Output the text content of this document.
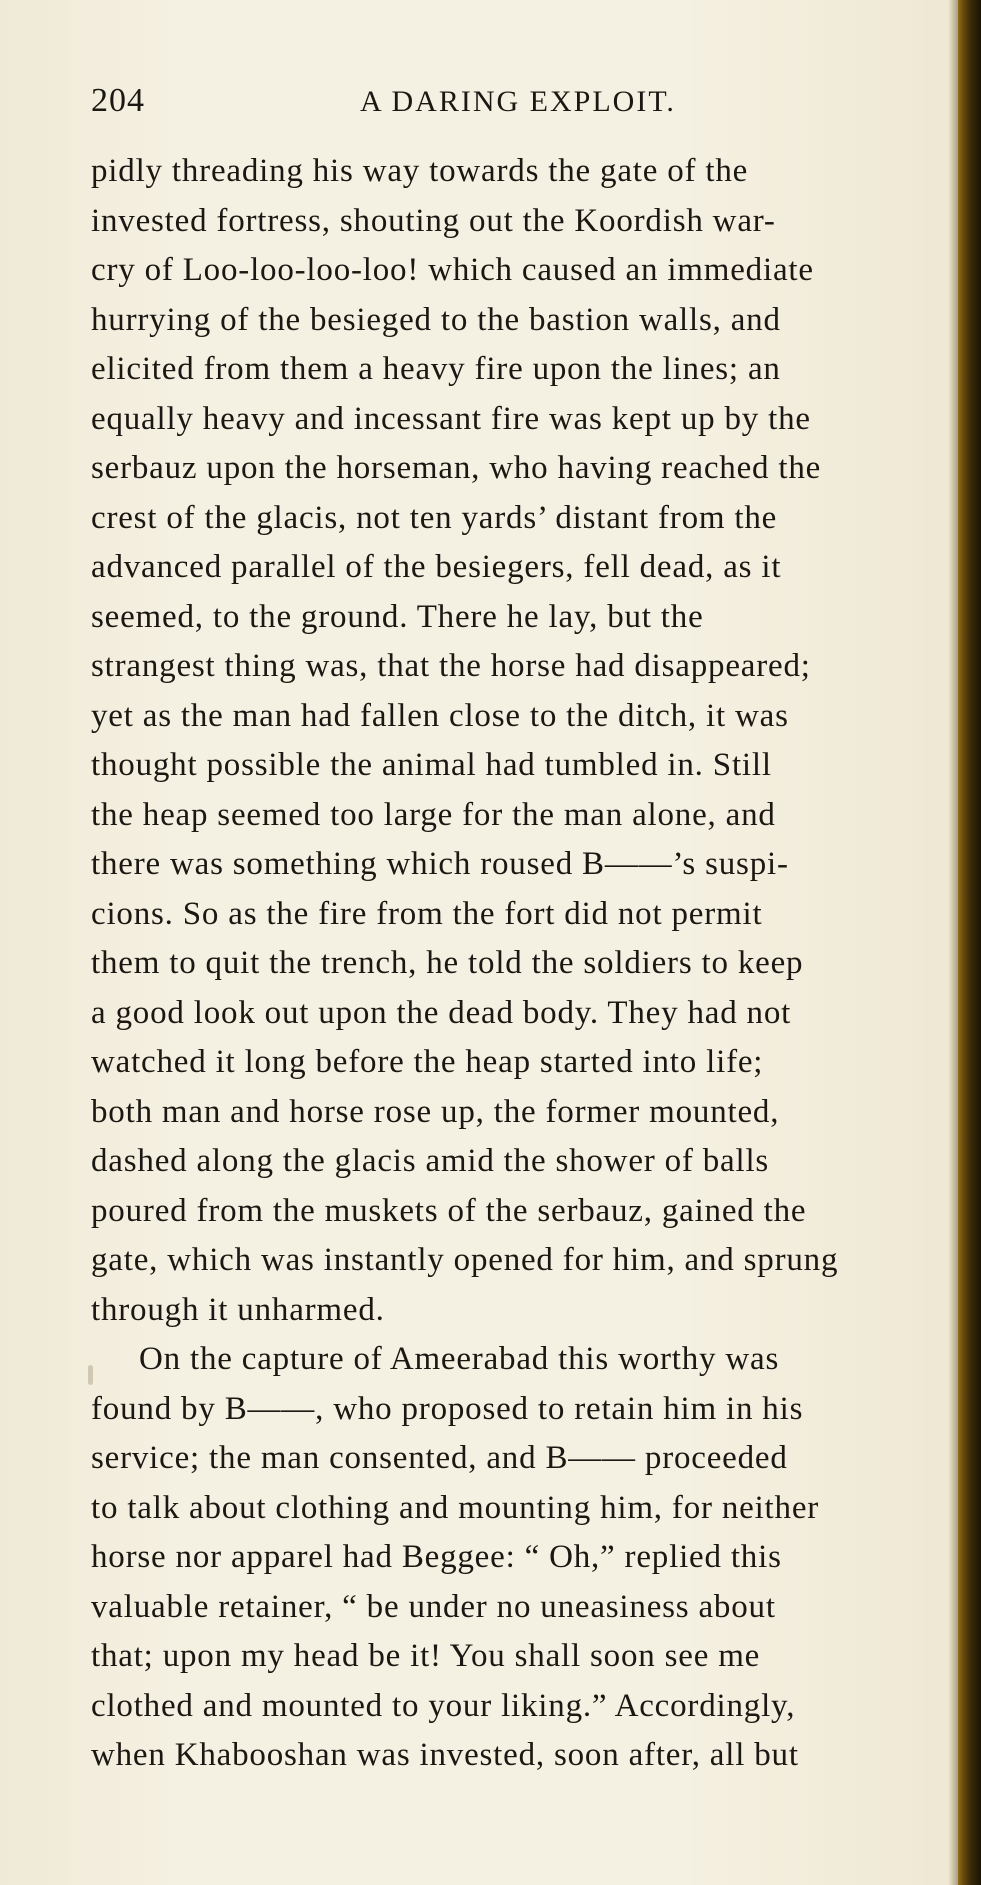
204	A DARING EXPLOIT.
pidly threading his way towards the gate of the
invested fortress, shouting out the Koordish war-
cry of Loo-loo-loo-loo! which caused an immediate
hurrying of the besieged to the bastion walls, and
elicited from them a heavy fire upon the lines; an
equally heavy and incessant fire was kept up by the
serbauz upon the horseman, who having reached the
crest of the glacis, not ten yards’ distant from the
advanced parallel of the besiegers, fell dead, as it
seemed, to the ground. There he lay, but the
strangest thing was, that the horse had disappeared;
yet as the man had fallen close to the ditch, it was
thought possible the animal had tumbled in. Still
the heap seemed too large for the man alone, and
there was something which roused B——’s suspi-
cions. So as the fire from the fort did not permit
them to quit the trench, he told the soldiers to keep
a good look out upon the dead body. They had not
watched it long before the heap started into life;
both man and horse rose up, the former mounted,
dashed along the glacis amid the shower of balls
poured from the muskets of the serbauz, gained the
gate, which was instantly opened for him, and sprung
through it unharmed.
On the capture of Ameerabad this worthy was
found by B——, who proposed to retain him in his
service; the man consented, and B—— proceeded
to talk about clothing and mounting him, for neither
horse nor apparel had Beggee: “ Oh,” replied this
valuable retainer, “ be under no uneasiness about
that; upon my head be it! You shall soon see me
clothed and mounted to your liking.” Accordingly,
when Khabooshan was invested, soon after, all but
